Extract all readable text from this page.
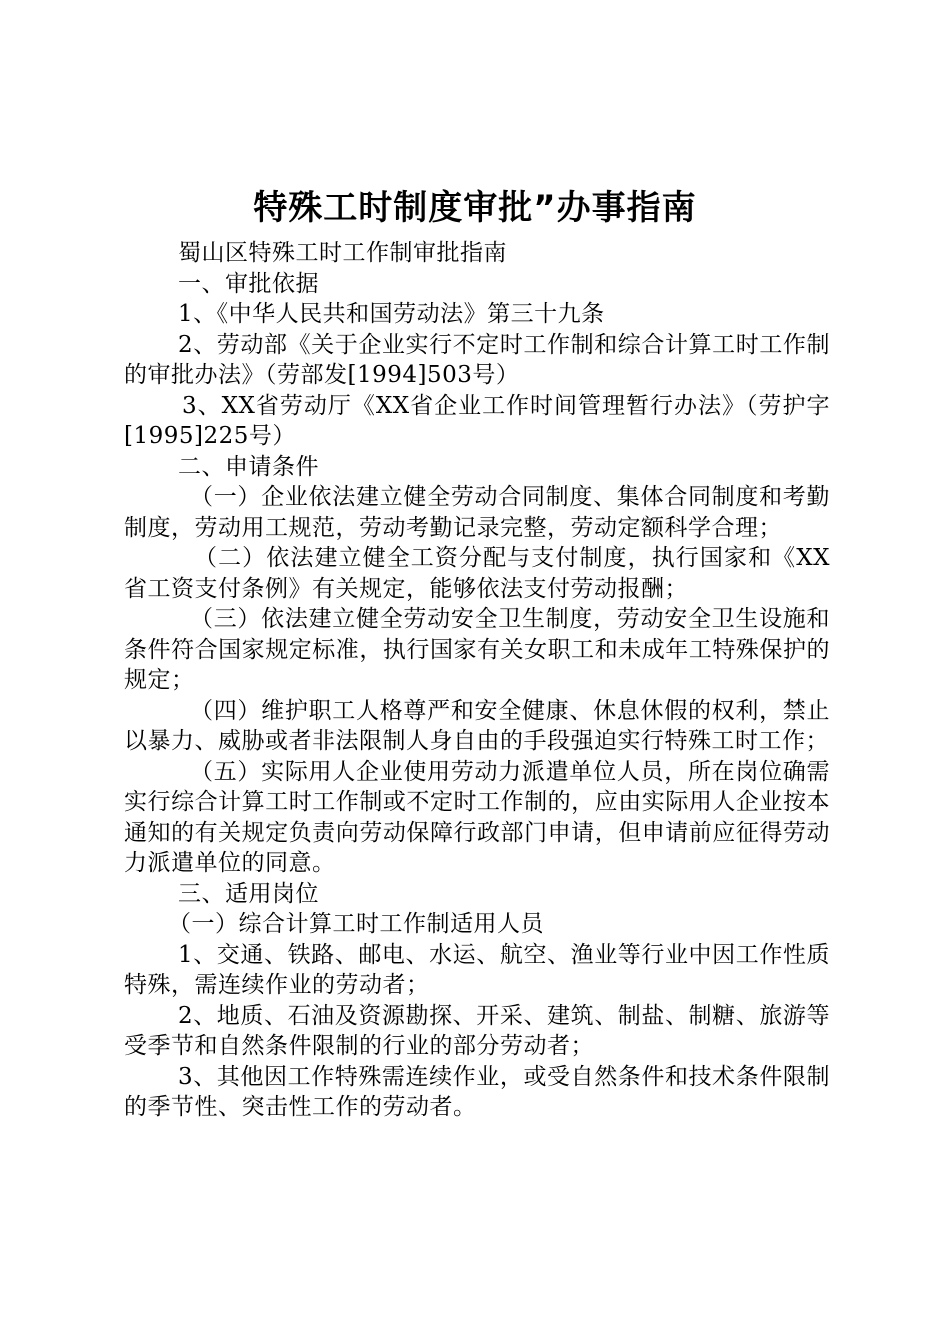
特殊工时制度审批”办事指南

蜀山区特殊工时工作制审批指南

一、审批依据

1、《中华人民共和国劳动法》第三十九条

2、劳动部《关于企业实行不定时工作制和综合计算工时工作制的审批办法》（劳部发[1994]503号）

3、XX省劳动厅《XX省企业工作时间管理暂行办法》（劳护字[1995]225号）

二、申请条件

（一）企业依法建立健全劳动合同制度、集体合同制度和考勤制度，劳动用工规范，劳动考勤记录完整，劳动定额科学合理；

（二）依法建立健全工资分配与支付制度，执行国家和《XX省工资支付条例》有关规定，能够依法支付劳动报酬；

（三）依法建立健全劳动安全卫生制度，劳动安全卫生设施和条件符合国家规定标准，执行国家有关女职工和未成年工特殊保护的规定；

（四）维护职工人格尊严和安全健康、休息休假的权利，禁止以暴力、威胁或者非法限制人身自由的手段强迫实行特殊工时工作；

（五）实际用人企业使用劳动力派遣单位人员，所在岗位确需实行综合计算工时工作制或不定时工作制的，应由实际用人企业按本通知的有关规定负责向劳动保障行政部门申请，但申请前应征得劳动力派遣单位的同意。

三、适用岗位

（一）综合计算工时工作制适用人员

1、交通、铁路、邮电、水运、航空、渔业等行业中因工作性质特殊，需连续作业的劳动者；

2、地质、石油及资源勘探、开采、建筑、制盐、制糖、旅游等受季节和自然条件限制的行业的部分劳动者；

3、其他因工作特殊需连续作业，或受自然条件和技术条件限制的季节性、突击性工作的劳动者。
